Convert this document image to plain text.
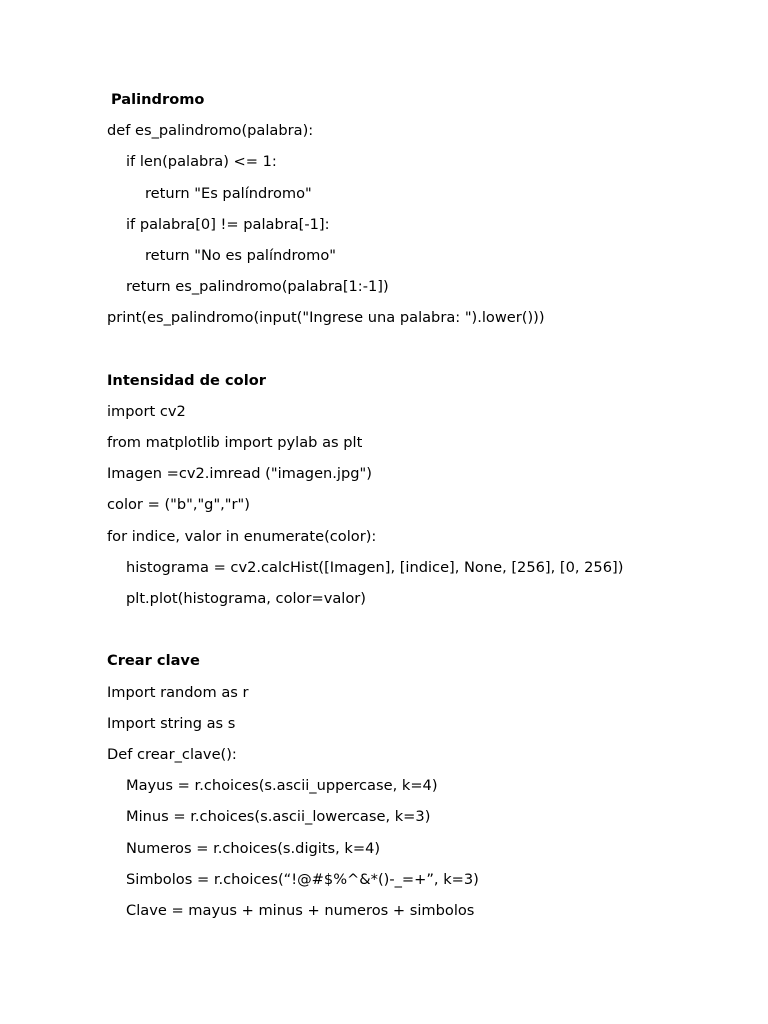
Palindromo
def es_palindromo(palabra):
if len(palabra) <= 1:
return "Es palíndromo"
if palabra[0] != palabra[-1]:
return "No es palíndromo"
return es_palindromo(palabra[1:-1])
print(es_palindromo(input("Ingrese una palabra: ").lower()))
Intensidad de color
import cv2
from matplotlib import pylab as plt
Imagen =cv2.imread ("imagen.jpg")
color = ("b","g","r")
for indice, valor in enumerate(color):
histograma = cv2.calcHist([Imagen], [indice], None, [256], [0, 256])
plt.plot(histograma, color=valor)
Crear clave
Import random as r
Import string as s
Def crear_clave():
Mayus = r.choices(s.ascii_uppercase, k=4)
Minus = r.choices(s.ascii_lowercase, k=3)
Numeros = r.choices(s.digits, k=4)
Simbolos = r.choices(“!@#$%^&*()-_=+”, k=3)
Clave = mayus + minus + numeros + simbolos
